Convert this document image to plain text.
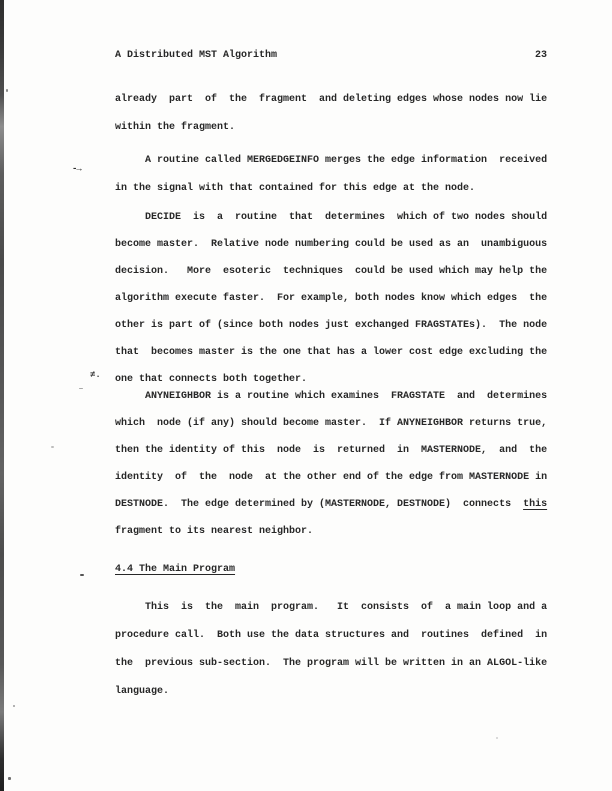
A Distributed MST Algorithm	23
already  part  of  the  fragment  and deleting edges whose nodes now lie
within the fragment.
A routine called MERGEDGEINFO merges the edge information  received
in the signal with that contained for this edge at the node.
DECIDE  is  a  routine  that  determines  which of two nodes should
become master.  Relative node numbering could be used as an  unambiguous
decision.   More  esoteric  techniques  could be used which may help the
algorithm execute faster.  For example, both nodes know which edges  the
other is part of (since both nodes just exchanged FRAGSTATEs).  The node
that  becomes master is the one that has a lower cost edge excluding the
one that connects both together.
ANYNEIGHBOR is a routine which examines  FRAGSTATE  and  determines
which  node (if any) should become master.  If ANYNEIGHBOR returns true,
then the identity of this  node  is  returned  in  MASTERNODE,  and  the
identity  of  the  node  at the other end of the edge from MASTERNODE in
DESTNODE.  The edge determined by (MASTERNODE, DESTNODE)  connects  this
fragment to its nearest neighbor.
4.4 The Main Program
This  is  the  main  program.   It  consists  of  a main loop and a
procedure call.  Both use the data structures and  routines  defined  in
the  previous sub-section.  The program will be written in an ALGOL-like
language.
-→
≠.
